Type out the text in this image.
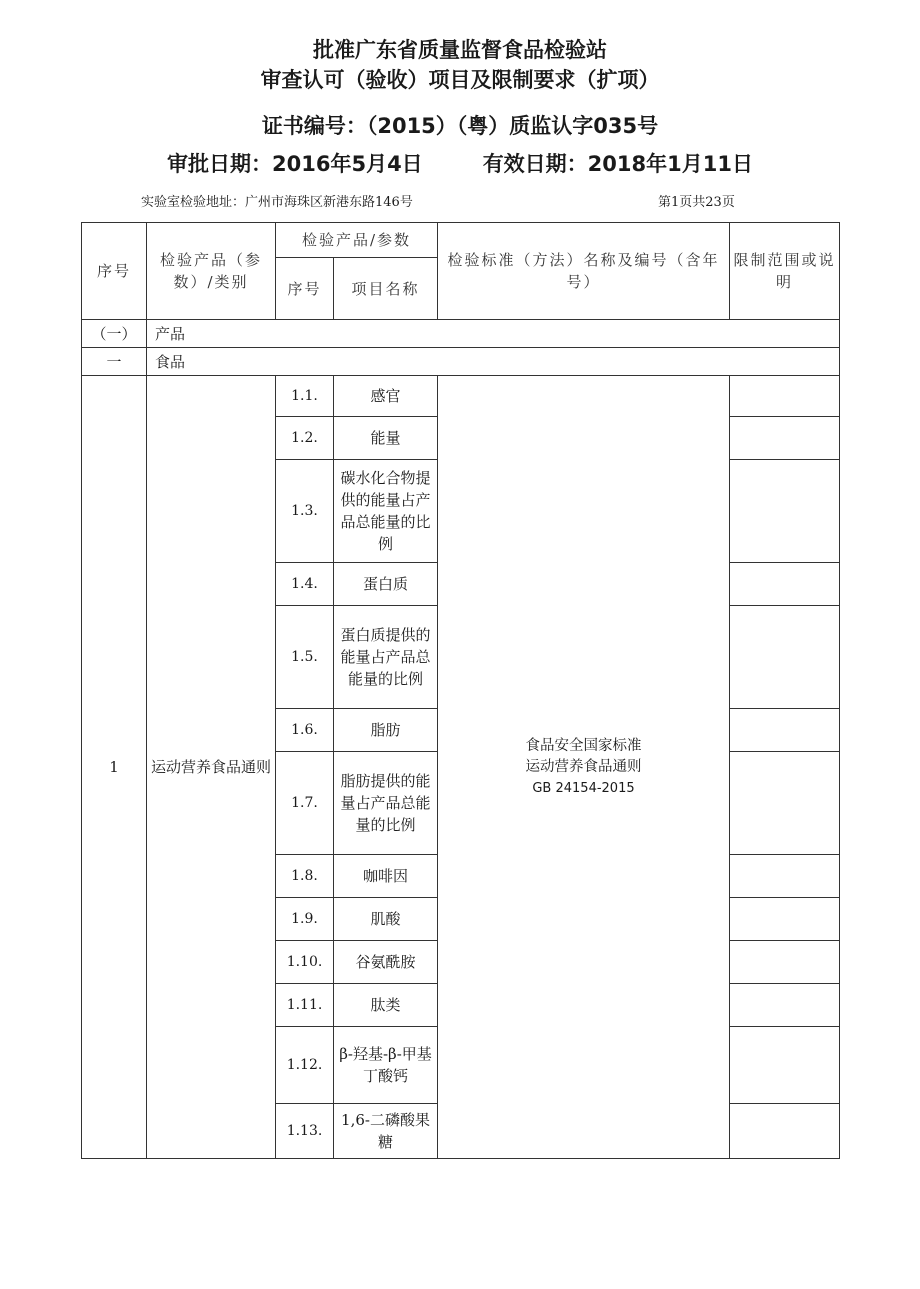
批准广东省质量监督食品检验站
审查认可（验收）项目及限制要求（扩项）
证书编号：（2015）（粤）质监认字035号
审批日期：2016年5月4日	有效日期：2018年1月11日
实验室检验地址：广州市海珠区新港东路146号	第1页共23页
序号	检验产品（参数）/类别	检验产品/参数		检验标准（方法）名称及编号（含年号）	限制范围或说明
		序号	项目名称		
（一）	产品				
一	食品				
1	运动营养食品通则	1.1.	感官	食品安全国家标准
运动营养食品通则
GB 24154-2015	

		1.2.	能量		
		1.3.	碳水化合物提供的能量占产品总能量的比例		
		1.4.	蛋白质		
		1.5.	蛋白质提供的能量占产品总能量的比例		
		1.6.	脂肪		
		1.7.	脂肪提供的能量占产品总能量的比例		
		1.8.	咖啡因		
		1.9.	肌酸		
		1.10.	谷氨酰胺		
		1.11.	肽类		
		1.12.	β-羟基-β-甲基丁酸钙		
		1.13.	1,6-二磷酸果糖		
